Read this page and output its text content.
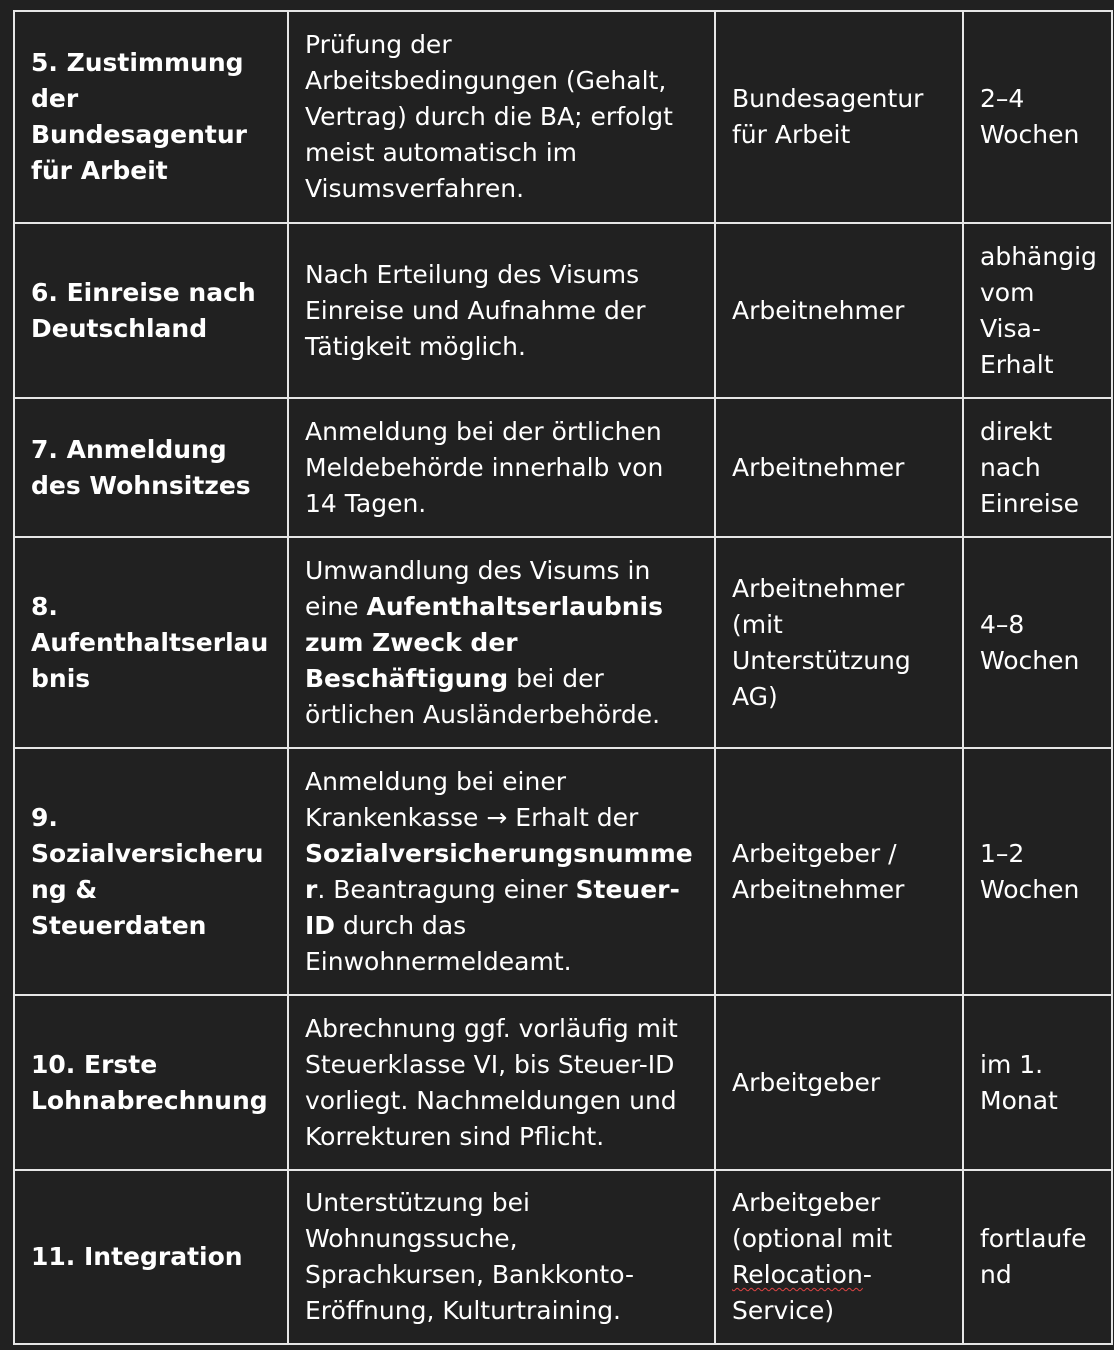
5. Zustimmung der Bundesagentur für Arbeit	Prüfung der Arbeitsbedingungen (Gehalt, Vertrag) durch die BA; erfolgt meist automatisch im Visumsverfahren.	Bundesagentur für Arbeit	2–4 Wochen
6. Einreise nach Deutschland	Nach Erteilung des Visums Einreise und Aufnahme der Tätigkeit möglich.	Arbeitnehmer	abhängig vom Visa-Erhalt
7. Anmeldung des Wohnsitzes	Anmeldung bei der örtlichen Meldebehörde innerhalb von 14 Tagen.	Arbeitnehmer	direkt nach Einreise
8. Aufenthaltserlaubnis	Umwandlung des Visums in eine Aufenthaltserlaubnis zum Zweck der Beschäftigung bei der örtlichen Ausländerbehörde.	Arbeitnehmer (mit Unterstützung AG)	4–8 Wochen
9. Sozialversicherung & Steuerdaten	Anmeldung bei einer Krankenkasse → Erhalt der Sozialversicherungsnummer. Beantragung einer Steuer-ID durch das Einwohnermeldeamt.	Arbeitgeber / Arbeitnehmer	1–2 Wochen
10. Erste Lohnabrechnung	Abrechnung ggf. vorläufig mit Steuerklasse VI, bis Steuer-ID vorliegt. Nachmeldungen und Korrekturen sind Pflicht.	Arbeitgeber	im 1. Monat
11. Integration	Unterstützung bei Wohnungssuche, Sprachkursen, Bankkonto-Eröffnung, Kulturtraining.	Arbeitgeber (optional mit Relocation-Service)	fortlaufend
